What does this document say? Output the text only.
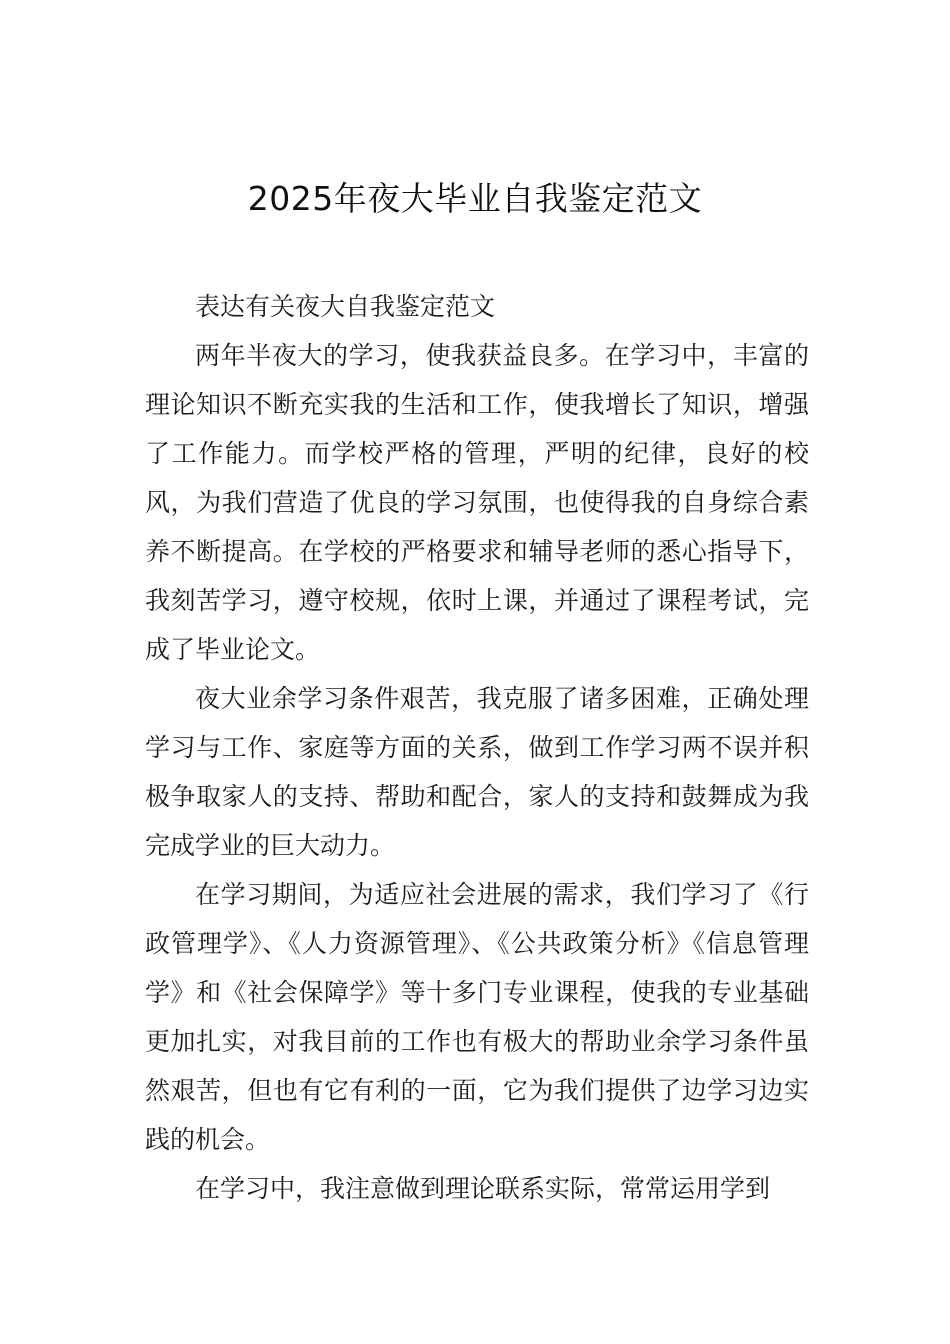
2025年夜大毕业自我鉴定范文

表达有关夜大自我鉴定范文

两年半夜大的学习，使我获益良多。在学习中，丰富的理论知识不断充实我的生活和工作，使我增长了知识，增强了工作能力。而学校严格的管理，严明的纪律，良好的校风，为我们营造了优良的学习氛围，也使得我的自身综合素养不断提高。在学校的严格要求和辅导老师的悉心指导下，我刻苦学习，遵守校规，依时上课，并通过了课程考试，完成了毕业论文。

夜大业余学习条件艰苦，我克服了诸多困难，正确处理学习与工作、家庭等方面的关系，做到工作学习两不误并积极争取家人的支持、帮助和配合，家人的支持和鼓舞成为我完成学业的巨大动力。

在学习期间，为适应社会进展的需求，我们学习了《行政管理学》、《人力资源管理》、《公共政策分析》《信息管理学》和《社会保障学》等十多门专业课程，使我的专业基础更加扎实，对我目前的工作也有极大的帮助业余学习条件虽然艰苦，但也有它有利的一面，它为我们提供了边学习边实践的机会。

在学习中，我注意做到理论联系实际，常常运用学到
